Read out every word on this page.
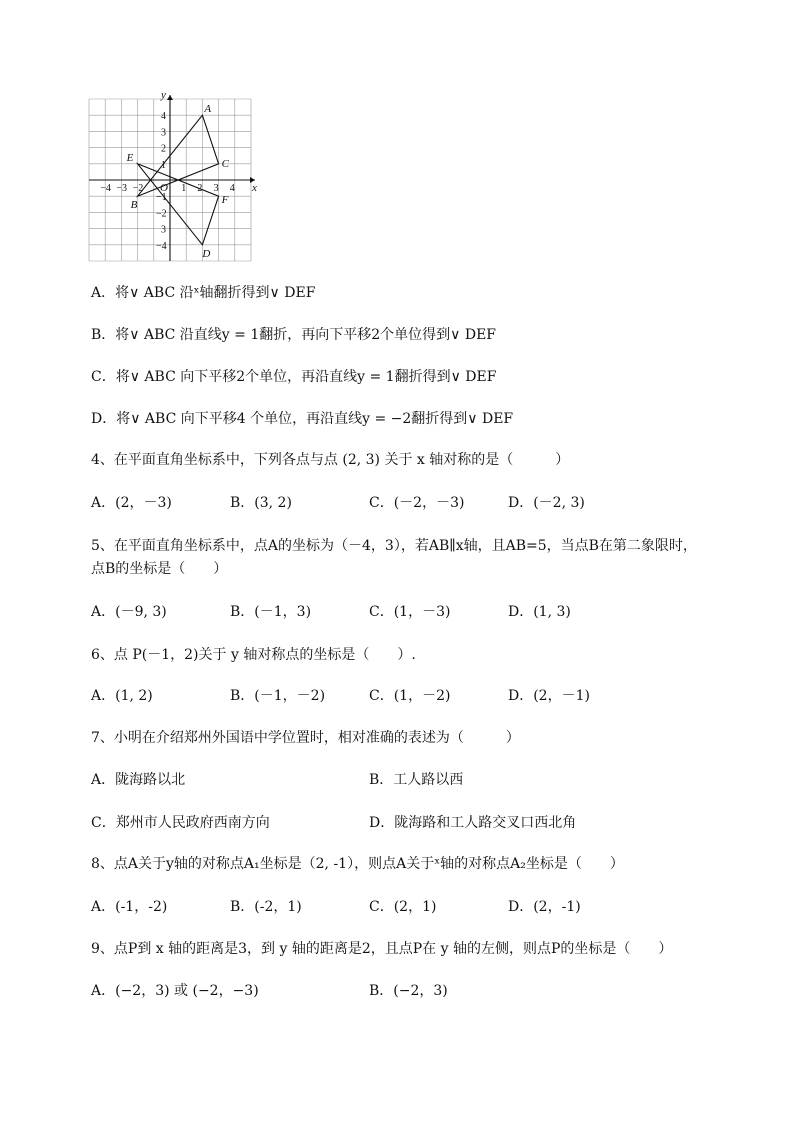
−4 −3 −2	1 2 3 4
4
3
2
1
−1
−2
3
−4
x
y
O
A
B
C
D
E
F
A．将∨ ABC 沿ˣ轴翻折得到∨ DEF
B．将∨ ABC 沿直线y = 1翻折，再向下平移2个单位得到∨ DEF
C．将∨ ABC 向下平移2个单位，再沿直线y = 1翻折得到∨ DEF
D．将∨ ABC 向下平移4 个单位，再沿直线y = −2翻折得到∨ DEF
4、在平面直角坐标系中，下列各点与点 (2, 3) 关于 x 轴对称的是（　　　）
A．(2，－3)	B．(3, 2)	C．(－2，－3)	D．(－2, 3)
5、在平面直角坐标系中，点A的坐标为（－4，3），若AB∥x轴，且AB=5，当点B在第二象限时，
点B的坐标是（　　）
A．(－9, 3)	B．(－1，3)	C．(1，－3)	D．(1, 3)
6、点 P(－1，2)关于 y 轴对称点的坐标是（　　）.
A．(1, 2)	B．(－1，－2)	C．(1，－2)	D．(2，－1)
7、小明在介绍郑州外国语中学位置时，相对准确的表述为（　　　）
A．陇海路以北	B．工人路以西
C．郑州市人民政府西南方向	D．陇海路和工人路交叉口西北角
8、点A关于y轴的对称点A₁坐标是（2, -1），则点A关于ˣ轴的对称点A₂坐标是（　　）
A．(-1，-2)	B．(-2，1)	C．(2，1)	D．(2，-1)
9、点P到 x 轴的距离是3，到 y 轴的距离是2，且点P在 y 轴的左侧，则点P的坐标是（　　）
A．(−2，3) 或 (−2，−3)	B．(−2，3)
